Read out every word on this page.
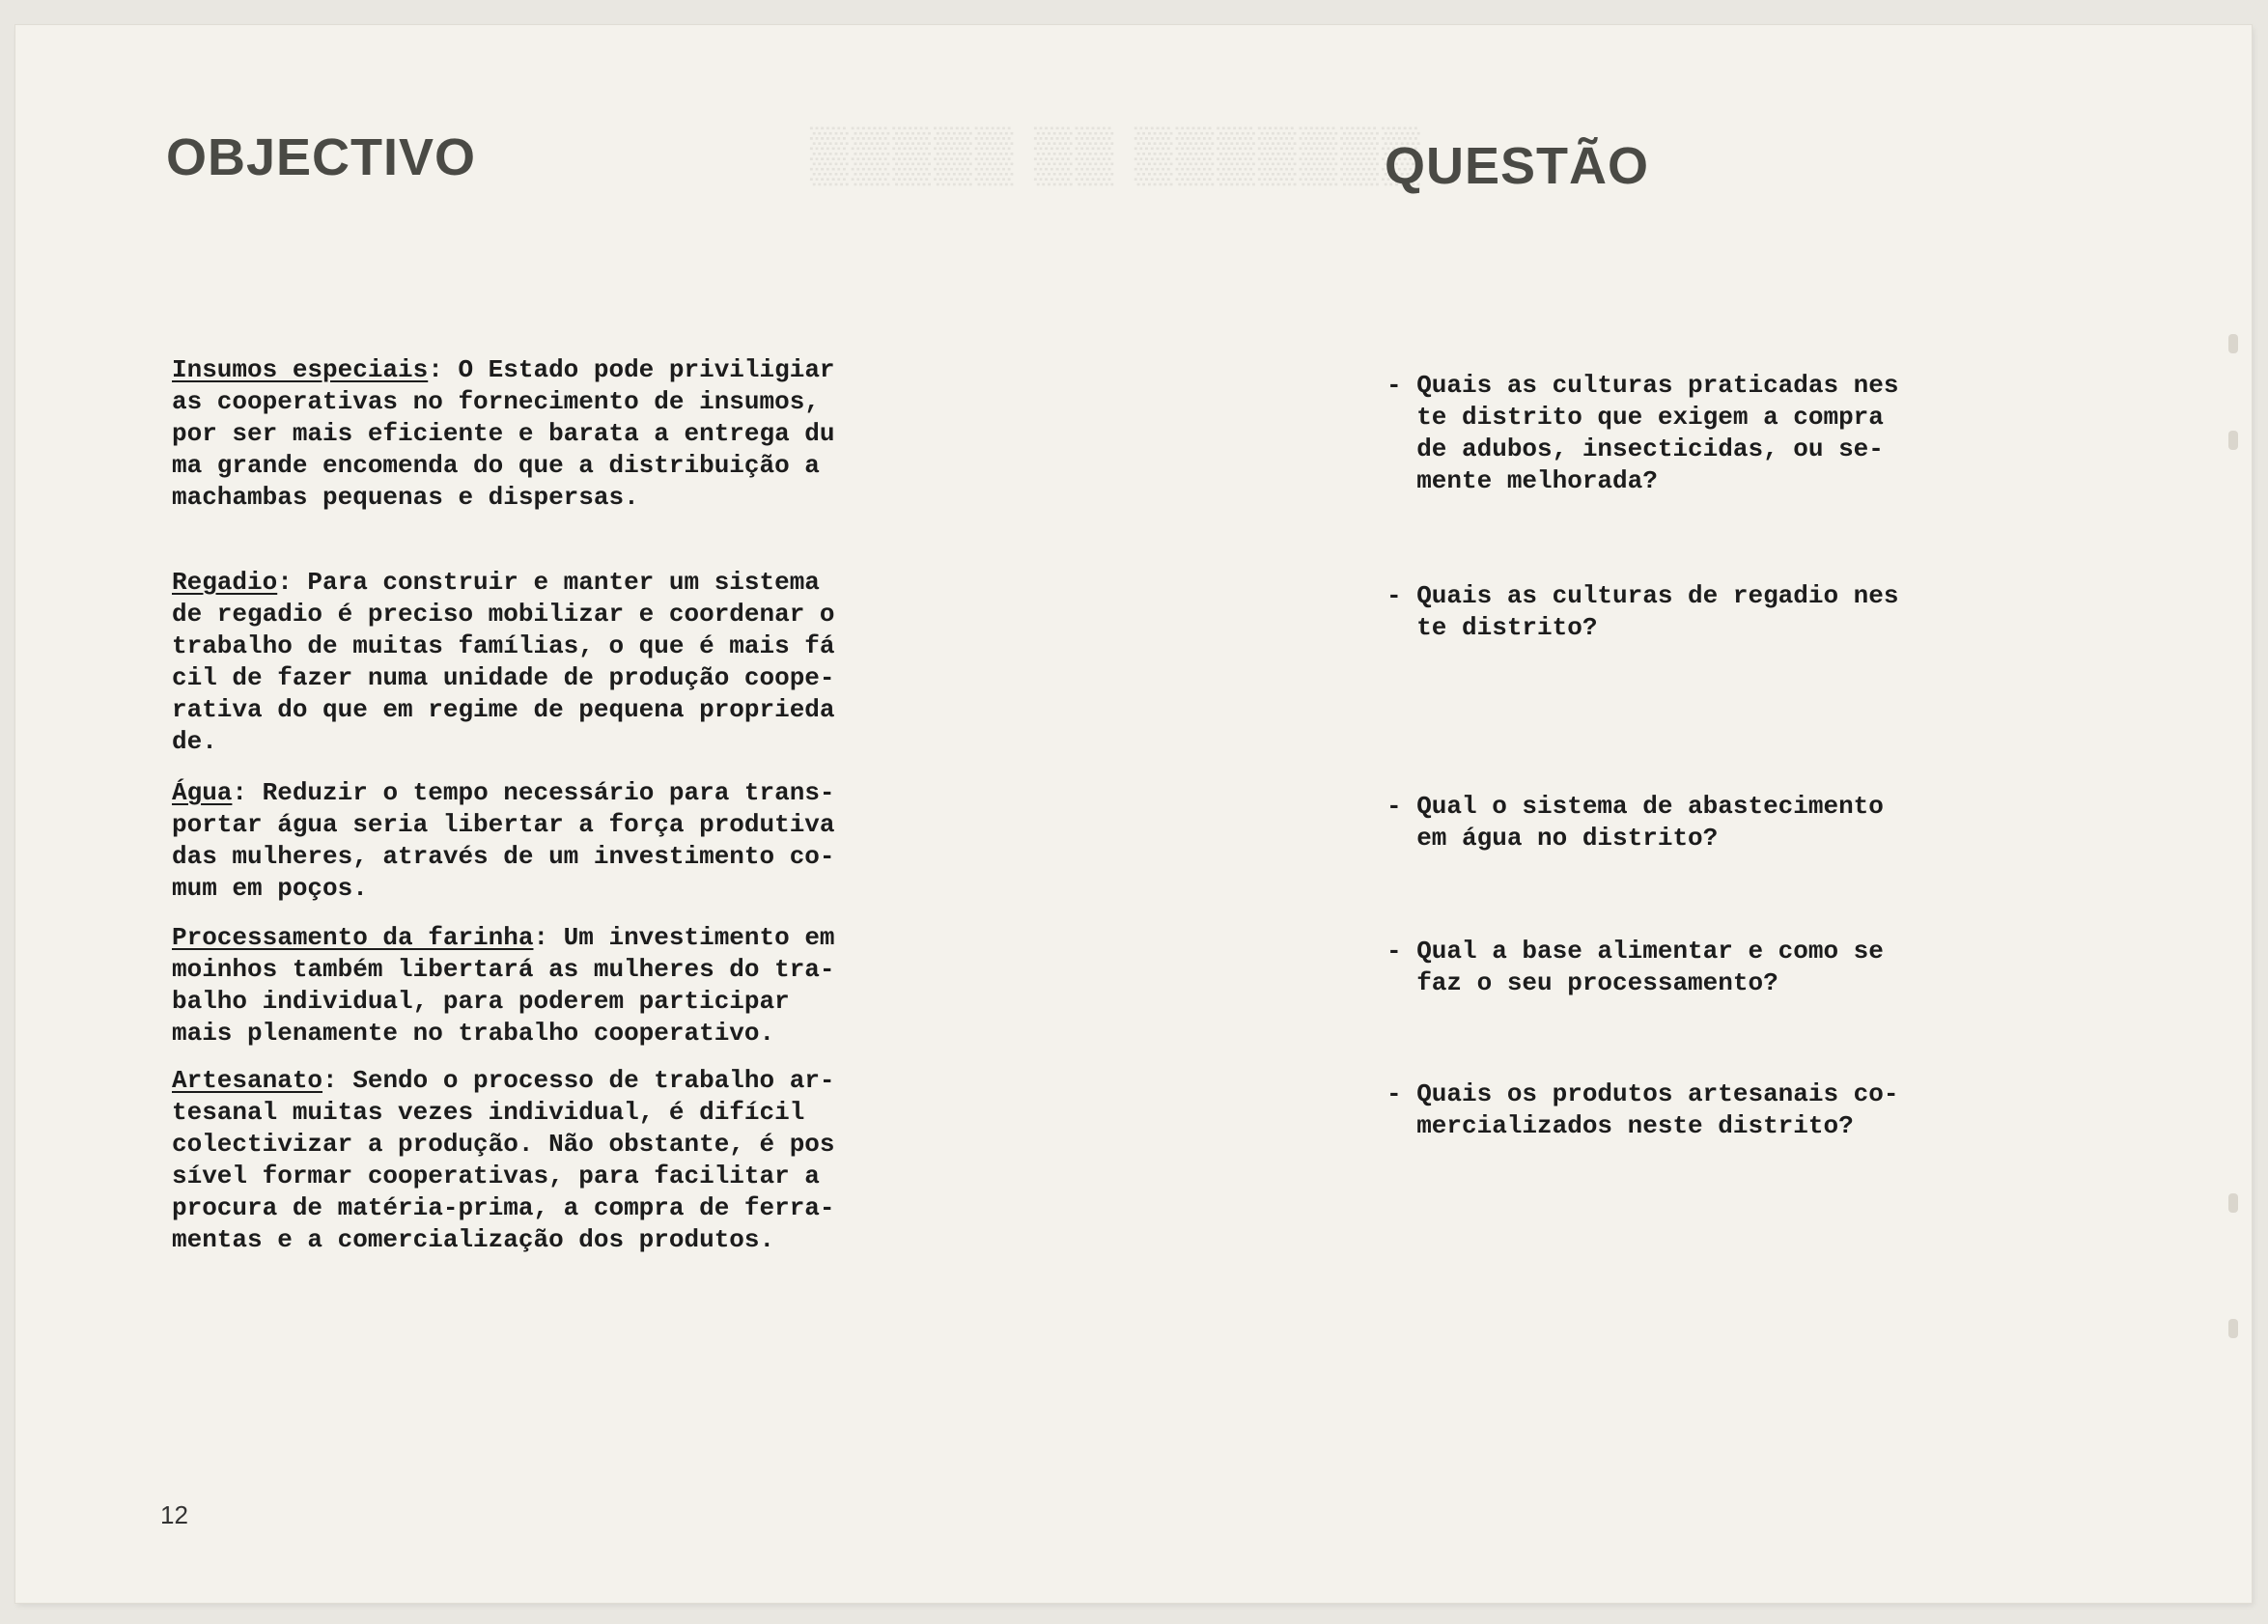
▒▒▒▒▒▒▒ ▒▒ ▒▒▒▒▒
OBJECTIVO	QUESTÃO

Insumos especiais: O Estado pode priviligiar
as cooperativas no fornecimento de insumos,
por ser mais eficiente e barata a entrega du
ma grande encomenda do que a distribuição a
machambas pequenas e dispersas.

Regadio: Para construir e manter um sistema
de regadio é preciso mobilizar e coordenar o
trabalho de muitas famílias, o que é mais fá
cil de fazer numa unidade de produção coope-
rativa do que em regime de pequena proprieda
de.

Água: Reduzir o tempo necessário para trans-
portar água seria libertar a força produtiva
das mulheres, através de um investimento co-
mum em poços.

Processamento da farinha: Um investimento em
moinhos também libertará as mulheres do tra-
balho individual, para poderem participar
mais plenamente no trabalho cooperativo.

Artesanato: Sendo o processo de trabalho ar-
tesanal muitas vezes individual, é difícil
colectivizar a produção. Não obstante, é pos
sível formar cooperativas, para facilitar a
procura de matéria-prima, a compra de ferra-
mentas e a comercialização dos produtos.

- Quais as culturas praticadas nes
te distrito que exigem a compra
de adubos, insecticidas, ou se-
mente melhorada?

- Quais as culturas de regadio nes
te distrito?

- Qual o sistema de abastecimento
em água no distrito?

- Qual a base alimentar e como se
faz o seu processamento?

- Quais os produtos artesanais co-
mercializados neste distrito?
12
